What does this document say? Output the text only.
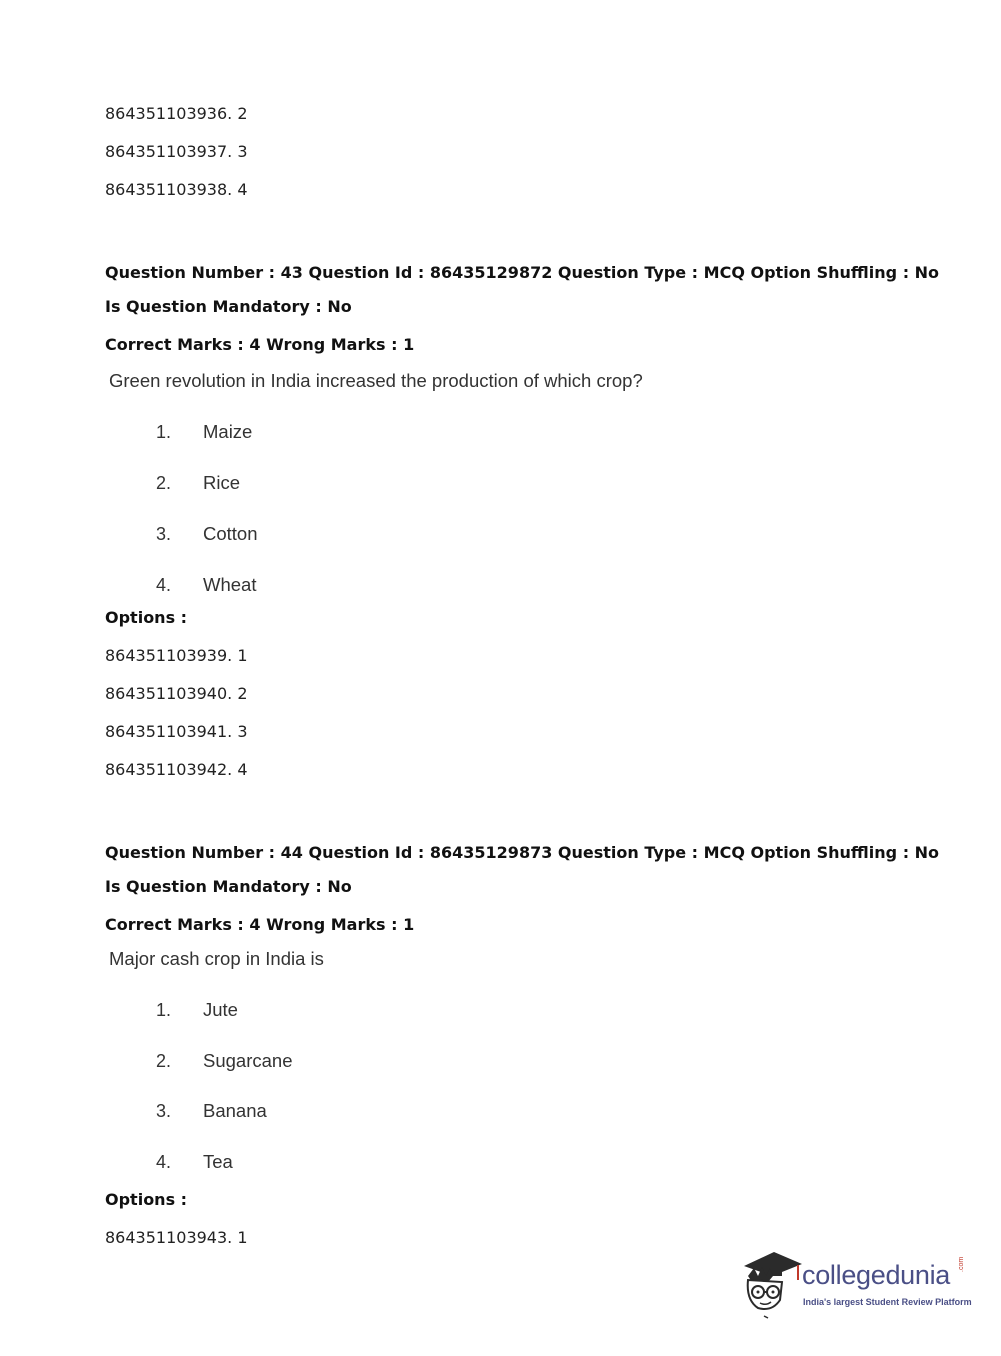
864351103936. 2
864351103937. 3
864351103938. 4
Question Number : 43 Question Id : 86435129872 Question Type : MCQ Option Shuffling : No
Is Question Mandatory : No
Correct Marks : 4 Wrong Marks : 1
Green revolution in India increased the production of which crop?
1. Maize
2. Rice
3. Cotton
4. Wheat
Options :
864351103939. 1
864351103940. 2
864351103941. 3
864351103942. 4
Question Number : 44 Question Id : 86435129873 Question Type : MCQ Option Shuffling : No
Is Question Mandatory : No
Correct Marks : 4 Wrong Marks : 1
Major cash crop in India is
1. Jute
2. Sugarcane
3. Banana
4. Tea
Options :
864351103943. 1
collegedunia .com
India's largest Student Review Platform
